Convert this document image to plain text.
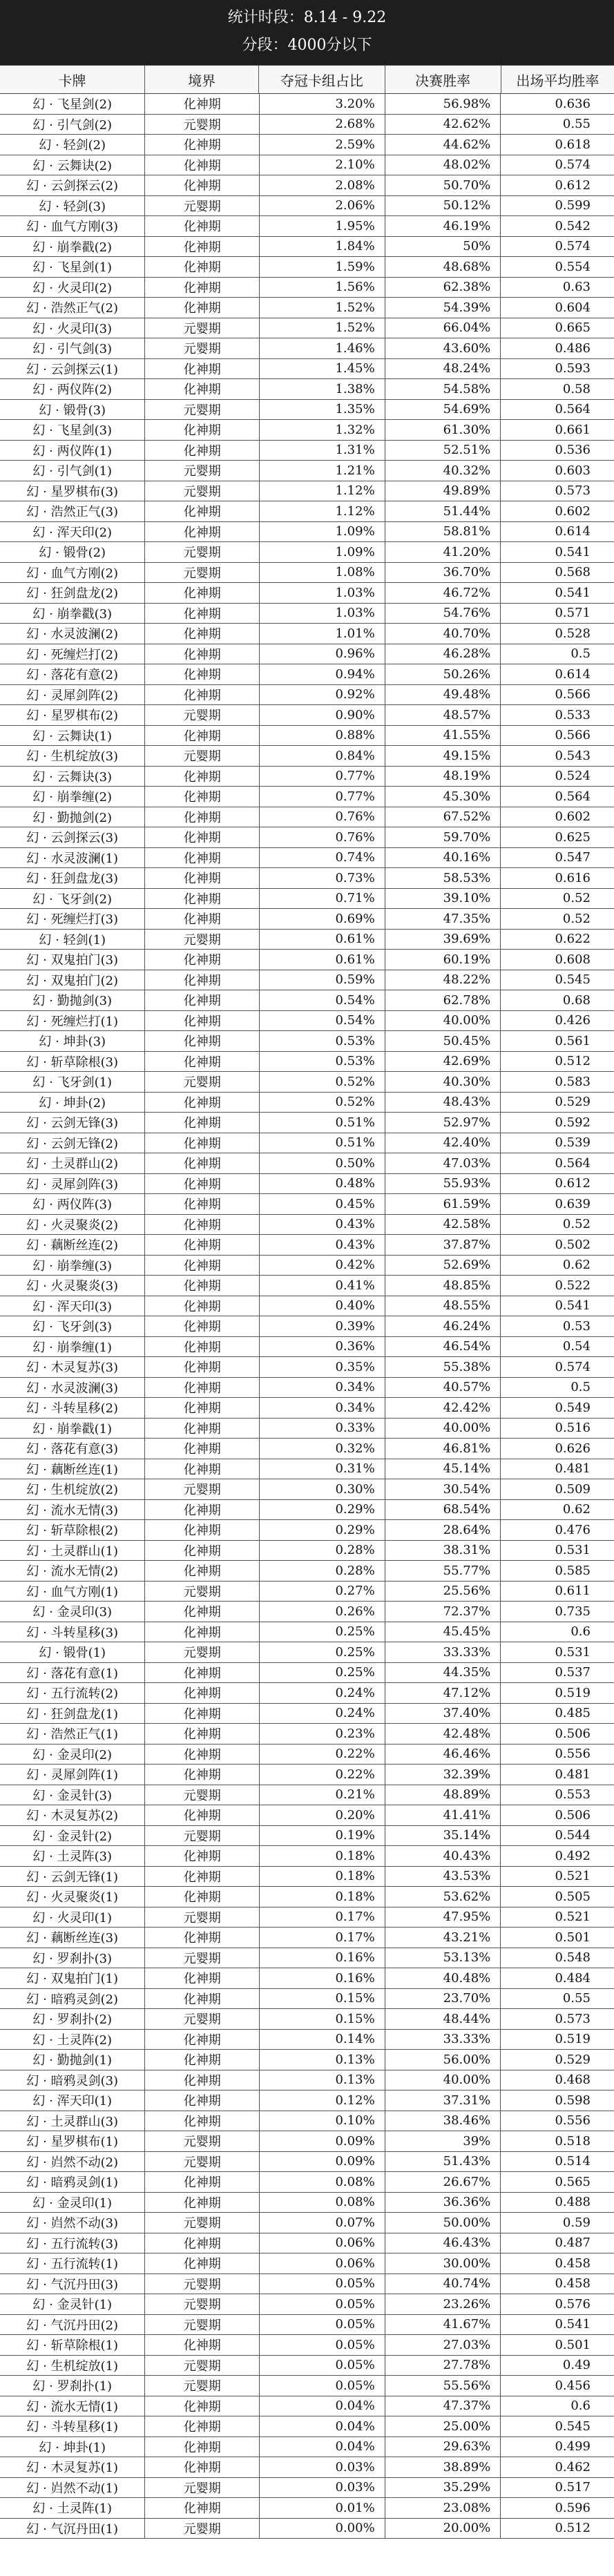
统计时段：8.14 - 9.22
分段：4000分以下
卡牌	境界	夺冠卡组占比	决赛胜率	出场平均胜率
幻 · 飞星剑(2)	化神期	3.20%	56.98%	0.636
幻 · 引气剑(2)	元婴期	2.68%	42.62%	0.55
幻 · 轻剑(2)	化神期	2.59%	44.62%	0.618
幻 · 云舞诀(2)	化神期	2.10%	48.02%	0.574
幻 · 云剑探云(2)	化神期	2.08%	50.70%	0.612
幻 · 轻剑(3)	元婴期	2.06%	50.12%	0.599
幻 · 血气方刚(3)	化神期	1.95%	46.19%	0.542
幻 · 崩拳戳(2)	化神期	1.84%	50%	0.574
幻 · 飞星剑(1)	化神期	1.59%	48.68%	0.554
幻 · 火灵印(2)	化神期	1.56%	62.38%	0.63
幻 · 浩然正气(2)	化神期	1.52%	54.39%	0.604
幻 · 火灵印(3)	元婴期	1.52%	66.04%	0.665
幻 · 引气剑(3)	元婴期	1.46%	43.60%	0.486
幻 · 云剑探云(1)	化神期	1.45%	48.24%	0.593
幻 · 两仪阵(2)	化神期	1.38%	54.58%	0.58
幻 · 锻骨(3)	元婴期	1.35%	54.69%	0.564
幻 · 飞星剑(3)	化神期	1.32%	61.30%	0.661
幻 · 两仪阵(1)	化神期	1.31%	52.51%	0.536
幻 · 引气剑(1)	元婴期	1.21%	40.32%	0.603
幻 · 星罗棋布(3)	元婴期	1.12%	49.89%	0.573
幻 · 浩然正气(3)	化神期	1.12%	51.44%	0.602
幻 · 浑天印(2)	化神期	1.09%	58.81%	0.614
幻 · 锻骨(2)	元婴期	1.09%	41.20%	0.541
幻 · 血气方刚(2)	元婴期	1.08%	36.70%	0.568
幻 · 狂剑盘龙(2)	化神期	1.03%	46.72%	0.541
幻 · 崩拳戳(3)	化神期	1.03%	54.76%	0.571
幻 · 水灵波澜(2)	化神期	1.01%	40.70%	0.528
幻 · 死缠烂打(2)	化神期	0.96%	46.28%	0.5
幻 · 落花有意(2)	化神期	0.94%	50.26%	0.614
幻 · 灵犀剑阵(2)	化神期	0.92%	49.48%	0.566
幻 · 星罗棋布(2)	元婴期	0.90%	48.57%	0.533
幻 · 云舞诀(1)	化神期	0.88%	41.55%	0.566
幻 · 生机绽放(3)	元婴期	0.84%	49.15%	0.543
幻 · 云舞诀(3)	化神期	0.77%	48.19%	0.524
幻 · 崩拳缠(2)	化神期	0.77%	45.30%	0.564
幻 · 勤抛剑(2)	化神期	0.76%	67.52%	0.602
幻 · 云剑探云(3)	化神期	0.76%	59.70%	0.625
幻 · 水灵波澜(1)	化神期	0.74%	40.16%	0.547
幻 · 狂剑盘龙(3)	化神期	0.73%	58.53%	0.616
幻 · 飞牙剑(2)	化神期	0.71%	39.10%	0.52
幻 · 死缠烂打(3)	化神期	0.69%	47.35%	0.52
幻 · 轻剑(1)	元婴期	0.61%	39.69%	0.622
幻 · 双鬼拍门(3)	化神期	0.61%	60.19%	0.608
幻 · 双鬼拍门(2)	化神期	0.59%	48.22%	0.545
幻 · 勤抛剑(3)	化神期	0.54%	62.78%	0.68
幻 · 死缠烂打(1)	化神期	0.54%	40.00%	0.426
幻 · 坤卦(3)	化神期	0.53%	50.45%	0.561
幻 · 斩草除根(3)	化神期	0.53%	42.69%	0.512
幻 · 飞牙剑(1)	元婴期	0.52%	40.30%	0.583
幻 · 坤卦(2)	化神期	0.52%	48.43%	0.529
幻 · 云剑无锋(3)	化神期	0.51%	52.97%	0.592
幻 · 云剑无锋(2)	化神期	0.51%	42.40%	0.539
幻 · 土灵群山(2)	化神期	0.50%	47.03%	0.564
幻 · 灵犀剑阵(3)	化神期	0.48%	55.93%	0.612
幻 · 两仪阵(3)	化神期	0.45%	61.59%	0.639
幻 · 火灵聚炎(2)	化神期	0.43%	42.58%	0.52
幻 · 藕断丝连(2)	化神期	0.43%	37.87%	0.502
幻 · 崩拳缠(3)	化神期	0.42%	52.69%	0.62
幻 · 火灵聚炎(3)	化神期	0.41%	48.85%	0.522
幻 · 浑天印(3)	化神期	0.40%	48.55%	0.541
幻 · 飞牙剑(3)	化神期	0.39%	46.24%	0.53
幻 · 崩拳缠(1)	化神期	0.36%	46.54%	0.54
幻 · 木灵复苏(3)	化神期	0.35%	55.38%	0.574
幻 · 水灵波澜(3)	化神期	0.34%	40.57%	0.5
幻 · 斗转星移(2)	化神期	0.34%	42.42%	0.549
幻 · 崩拳戳(1)	化神期	0.33%	40.00%	0.516
幻 · 落花有意(3)	化神期	0.32%	46.81%	0.626
幻 · 藕断丝连(1)	化神期	0.31%	45.14%	0.481
幻 · 生机绽放(2)	元婴期	0.30%	30.54%	0.509
幻 · 流水无情(3)	化神期	0.29%	68.54%	0.62
幻 · 斩草除根(2)	化神期	0.29%	28.64%	0.476
幻 · 土灵群山(1)	化神期	0.28%	38.31%	0.531
幻 · 流水无情(2)	化神期	0.28%	55.77%	0.585
幻 · 血气方刚(1)	元婴期	0.27%	25.56%	0.611
幻 · 金灵印(3)	化神期	0.26%	72.37%	0.735
幻 · 斗转星移(3)	化神期	0.25%	45.45%	0.6
幻 · 锻骨(1)	元婴期	0.25%	33.33%	0.531
幻 · 落花有意(1)	化神期	0.25%	44.35%	0.537
幻 · 五行流转(2)	化神期	0.24%	47.12%	0.519
幻 · 狂剑盘龙(1)	化神期	0.24%	37.40%	0.485
幻 · 浩然正气(1)	化神期	0.23%	42.48%	0.506
幻 · 金灵印(2)	化神期	0.22%	46.46%	0.556
幻 · 灵犀剑阵(1)	化神期	0.22%	32.39%	0.481
幻 · 金灵针(3)	元婴期	0.21%	48.89%	0.553
幻 · 木灵复苏(2)	化神期	0.20%	41.41%	0.506
幻 · 金灵针(2)	元婴期	0.19%	35.14%	0.544
幻 · 土灵阵(3)	化神期	0.18%	40.43%	0.492
幻 · 云剑无锋(1)	化神期	0.18%	43.53%	0.521
幻 · 火灵聚炎(1)	化神期	0.18%	53.62%	0.505
幻 · 火灵印(1)	元婴期	0.17%	47.95%	0.521
幻 · 藕断丝连(3)	化神期	0.17%	43.21%	0.501
幻 · 罗刹扑(3)	元婴期	0.16%	53.13%	0.548
幻 · 双鬼拍门(1)	化神期	0.16%	40.48%	0.484
幻 · 暗鸦灵剑(2)	化神期	0.15%	23.70%	0.55
幻 · 罗刹扑(2)	元婴期	0.15%	48.44%	0.573
幻 · 土灵阵(2)	化神期	0.14%	33.33%	0.519
幻 · 勤抛剑(1)	化神期	0.13%	56.00%	0.529
幻 · 暗鸦灵剑(3)	化神期	0.13%	40.00%	0.468
幻 · 浑天印(1)	化神期	0.12%	37.31%	0.598
幻 · 土灵群山(3)	化神期	0.10%	38.46%	0.556
幻 · 星罗棋布(1)	元婴期	0.09%	39%	0.518
幻 · 岿然不动(2)	元婴期	0.09%	51.43%	0.514
幻 · 暗鸦灵剑(1)	化神期	0.08%	26.67%	0.565
幻 · 金灵印(1)	化神期	0.08%	36.36%	0.488
幻 · 岿然不动(3)	元婴期	0.07%	50.00%	0.59
幻 · 五行流转(3)	化神期	0.06%	46.43%	0.487
幻 · 五行流转(1)	化神期	0.06%	30.00%	0.458
幻 · 气沉丹田(3)	元婴期	0.05%	40.74%	0.458
幻 · 金灵针(1)	元婴期	0.05%	23.26%	0.576
幻 · 气沉丹田(2)	元婴期	0.05%	41.67%	0.541
幻 · 斩草除根(1)	化神期	0.05%	27.03%	0.501
幻 · 生机绽放(1)	元婴期	0.05%	27.78%	0.49
幻 · 罗刹扑(1)	元婴期	0.05%	55.56%	0.456
幻 · 流水无情(1)	化神期	0.04%	47.37%	0.6
幻 · 斗转星移(1)	化神期	0.04%	25.00%	0.545
幻 · 坤卦(1)	化神期	0.04%	29.63%	0.499
幻 · 木灵复苏(1)	化神期	0.03%	38.89%	0.462
幻 · 岿然不动(1)	元婴期	0.03%	35.29%	0.517
幻 · 土灵阵(1)	化神期	0.01%	23.08%	0.596
幻 · 气沉丹田(1)	元婴期	0.00%	20.00%	0.512
